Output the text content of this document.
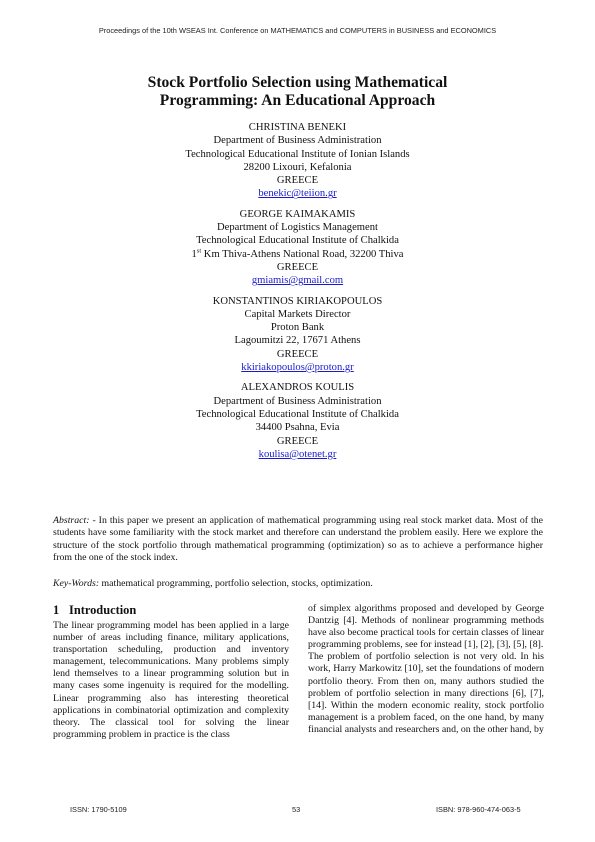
Proceedings of the 10th WSEAS Int. Conference on MATHEMATICS and COMPUTERS in BUSINESS and ECONOMICS
Stock Portfolio Selection using Mathematical
Programming: An Educational Approach
CHRISTINA BENEKI
Department of Business Administration
Technological Educational Institute of Ionian Islands
28200 Lixouri, Kefalonia
GREECE
benekic@teiion.gr
GEORGE KAIMAKAMIS
Department of Logistics Management
Technological Educational Institute of Chalkida
1st Km Thiva-Athens National Road, 32200 Thiva
GREECE
gmiamis@gmail.com
KONSTANTINOS KIRIAKOPOULOS
Capital Markets Director
Proton Bank
Lagoumitzi 22, 17671 Athens
GREECE
kkiriakopoulos@proton.gr
ALEXANDROS KOULIS
Department of Business Administration
Technological Educational Institute of Chalkida
34400 Psahna, Evia
GREECE
koulisa@otenet.gr
Abstract: - In this paper we present an application of mathematical programming using real stock market data. Most of the students have some familiarity with the stock market and therefore can understand the problem easily. Here we explore the structure of the stock portfolio through mathematical programming (optimization) so as to achieve a performance higher from the one of the stock index.
Key-Words: mathematical programming, portfolio selection, stocks, optimization.
1 Introduction

The linear programming model has been applied in a large number of areas including finance, military applications, transportation scheduling, production and inventory management, telecommunications. Many problems simply lend themselves to a linear programming solution but in many cases some ingenuity is required for the modelling. Linear programming also has interesting theoretical applications in combinatorial optimization and complexity theory. The classical tool for solving the linear programming problem in practice is the class

of simplex algorithms proposed and developed by George Dantzig [4]. Methods of nonlinear programming methods have also become practical tools for certain classes of linear programming problems, see for instead [1], [2], [3], [5], [8].

The problem of portfolio selection is not very old. In his work, Harry Markowitz [10], set the foundations of modern portfolio theory. From then on, many authors studied the problem of portfolio selection in many directions [6], [7], [14]. Within the modern economic reality, stock portfolio management is a problem faced, on the one hand, by many financial analysts and researchers and, on the other hand, by

ISSN: 1790-5109	53	ISBN: 978-960-474-063-5
